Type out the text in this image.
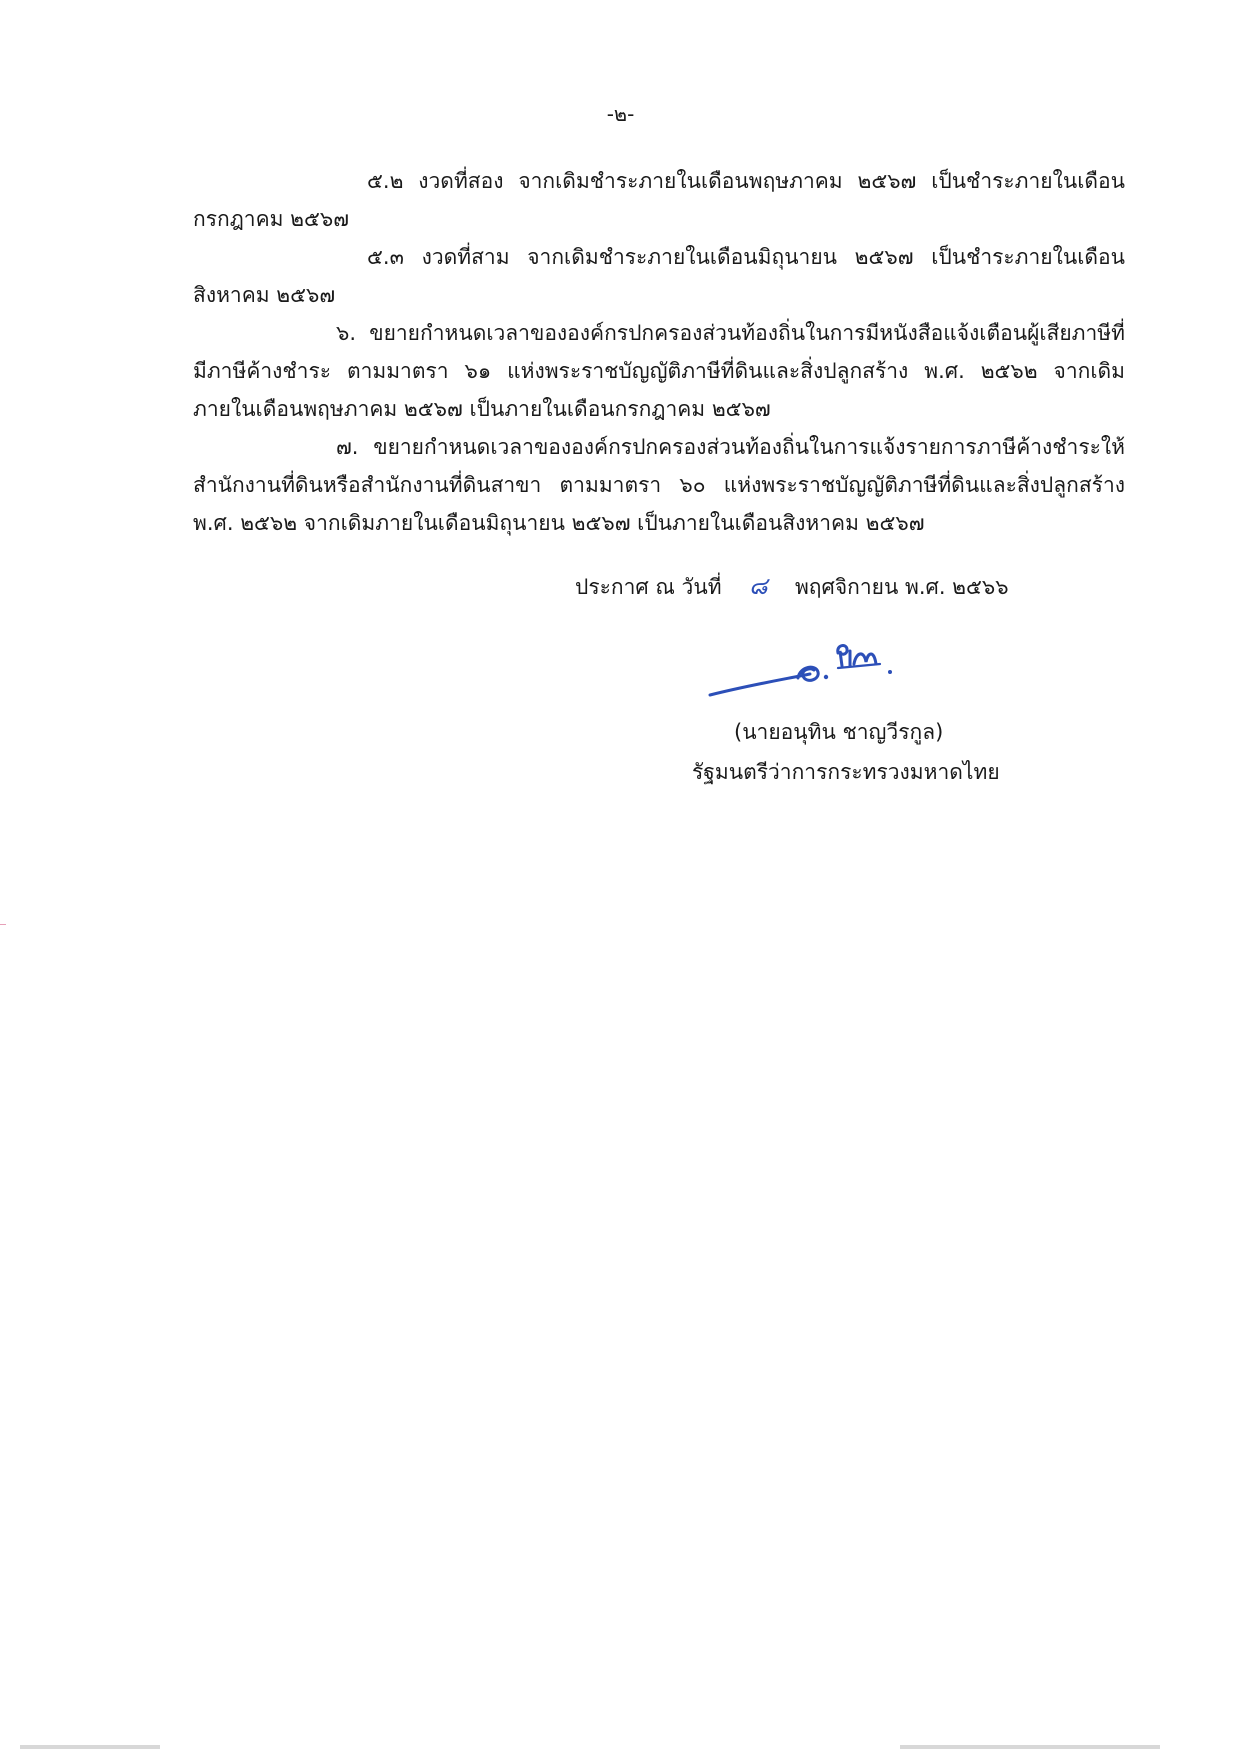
-๒-

๕.๒ งวดที่สอง จากเดิมชำระภายในเดือนพฤษภาคม ๒๕๖๗ เป็นชำระภายในเดือนกรกฎาคม ๒๕๖๗

๕.๓ งวดที่สาม จากเดิมชำระภายในเดือนมิถุนายน ๒๕๖๗ เป็นชำระภายในเดือนสิงหาคม ๒๕๖๗

๖. ขยายกำหนดเวลาขององค์กรปกครองส่วนท้องถิ่นในการมีหนังสือแจ้งเตือนผู้เสียภาษีที่มีภาษีค้างชำระ ตามมาตรา ๖๑ แห่งพระราชบัญญัติภาษีที่ดินและสิ่งปลูกสร้าง พ.ศ. ๒๕๖๒ จากเดิมภายในเดือนพฤษภาคม ๒๕๖๗ เป็นภายในเดือนกรกฎาคม ๒๕๖๗

๗. ขยายกำหนดเวลาขององค์กรปกครองส่วนท้องถิ่นในการแจ้งรายการภาษีค้างชำระให้สำนักงานที่ดินหรือสำนักงานที่ดินสาขา ตามมาตรา ๖๐ แห่งพระราชบัญญัติภาษีที่ดินและสิ่งปลูกสร้าง พ.ศ. ๒๕๖๒ จากเดิมภายในเดือนมิถุนายน ๒๕๖๗ เป็นภายในเดือนสิงหาคม ๒๕๖๗

ประกาศ ณ วันที่ ๘ พฤศจิกายน พ.ศ. ๒๕๖๖
(นายอนุทิน ชาญวีรกูล)
รัฐมนตรีว่าการกระทรวงมหาดไทย
